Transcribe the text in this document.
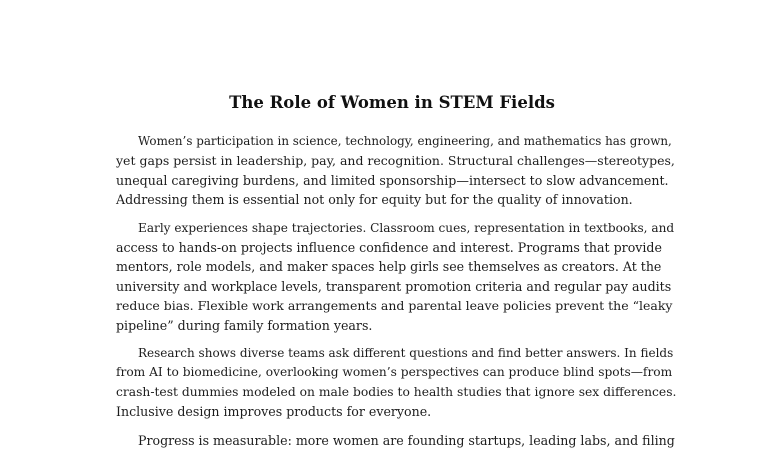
The Role of Women in STEM Fields

Women’s participation in science, technology, engineering, and mathematics has grown,
yet gaps persist in leadership, pay, and recognition. Structural challenges—stereotypes,
unequal caregiving burdens, and limited sponsorship—intersect to slow advancement.
Addressing them is essential not only for equity but for the quality of innovation.

Early experiences shape trajectories. Classroom cues, representation in textbooks, and
access to hands-on projects influence confidence and interest. Programs that provide
mentors, role models, and maker spaces help girls see themselves as creators. At the
university and workplace levels, transparent promotion criteria and regular pay audits
reduce bias. Flexible work arrangements and parental leave policies prevent the “leaky
pipeline” during family formation years.

Research shows diverse teams ask different questions and find better answers. In fields
from AI to biomedicine, overlooking women’s perspectives can produce blind spots—from
crash-test dummies modeled on male bodies to health studies that ignore sex differences.
Inclusive design improves products for everyone.

Progress is measurable: more women are founding startups, leading labs, and filing
